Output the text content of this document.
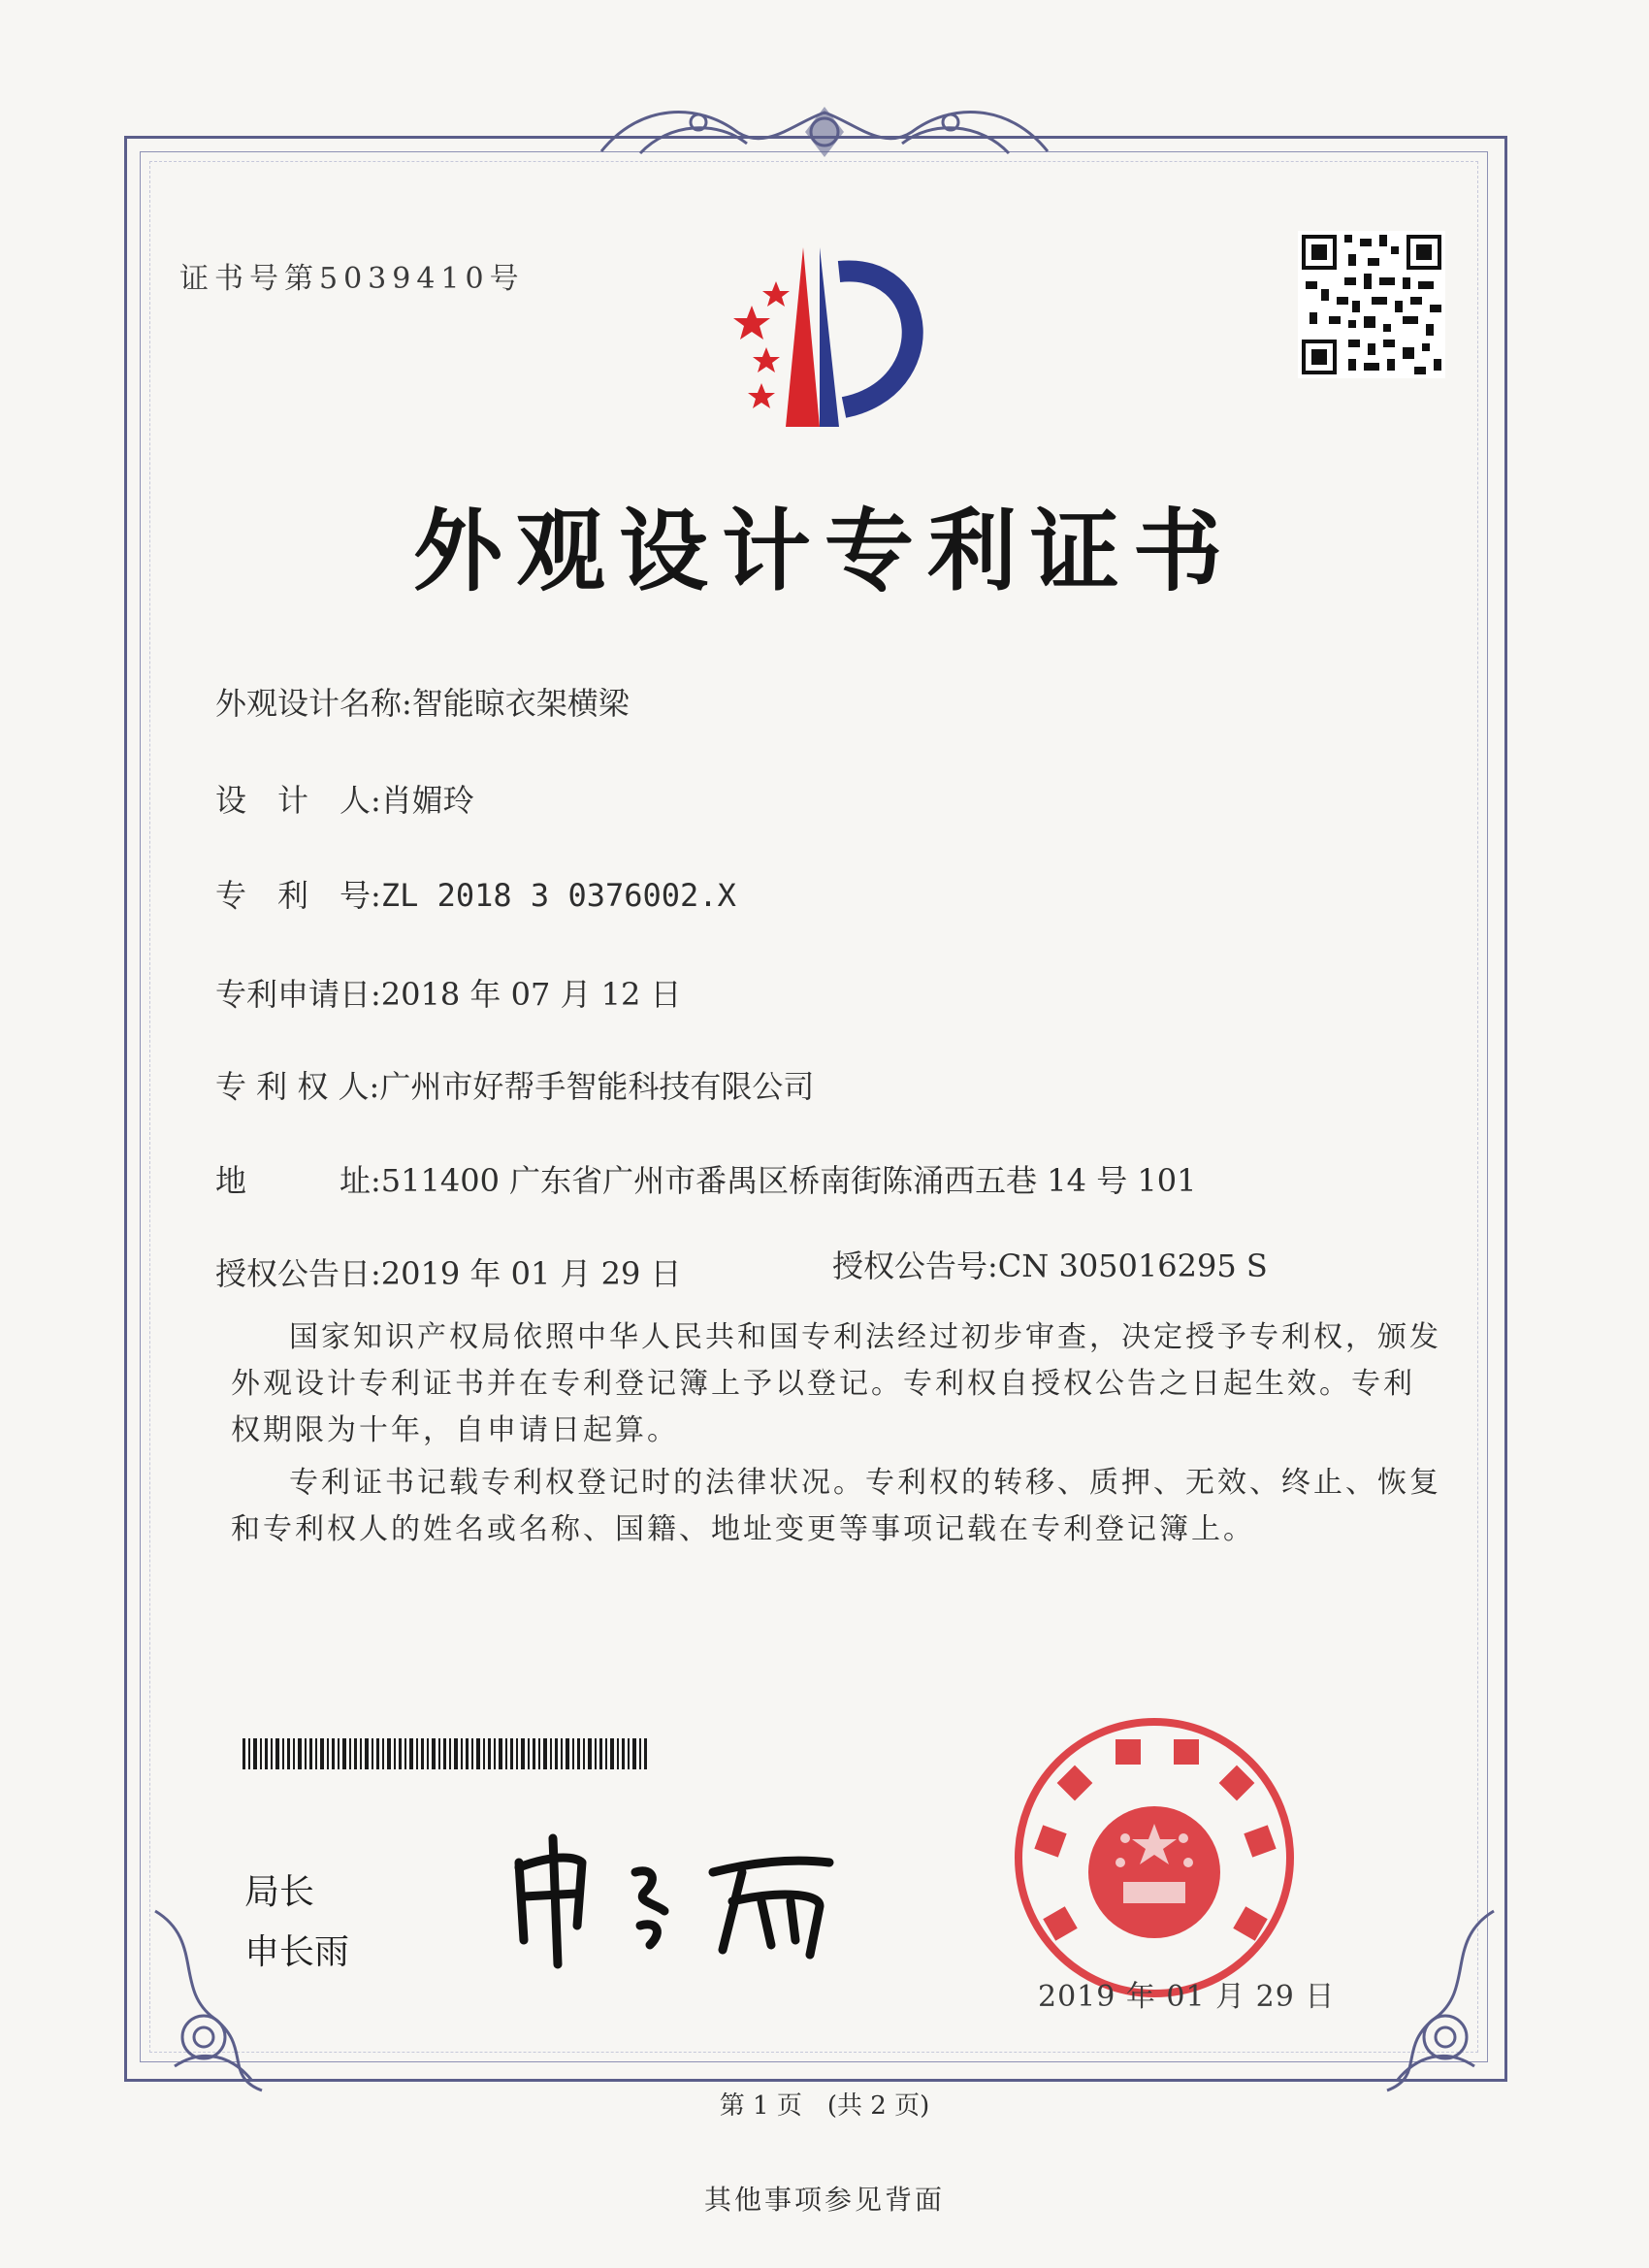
证书号第5039410号
外观设计专利证书
外观设计名称:智能晾衣架横梁
设　计　人:肖媚玲
专　利　号:ZL 2018 3 0376002.X
专利申请日:2018 年 07 月 12 日
专 利 权 人:广州市好帮手智能科技有限公司
地　　　址:511400 广东省广州市番禺区桥南街陈涌西五巷 14 号 101
授权公告日:2019 年 01 月 29 日	授权公告号:CN 305016295 S

国家知识产权局依照中华人民共和国专利法经过初步审查，决定授予专利权，颁发外观设计专利证书并在专利登记簿上予以登记。专利权自授权公告之日起生效。专利权期限为十年，自申请日起算。

专利证书记载专利权登记时的法律状况。专利权的转移、质押、无效、终止、恢复和专利权人的姓名或名称、国籍、地址变更等事项记载在专利登记簿上。

局长
申长雨
2019 年 01 月 29 日
第 1 页　(共 2 页)
其他事项参见背面
